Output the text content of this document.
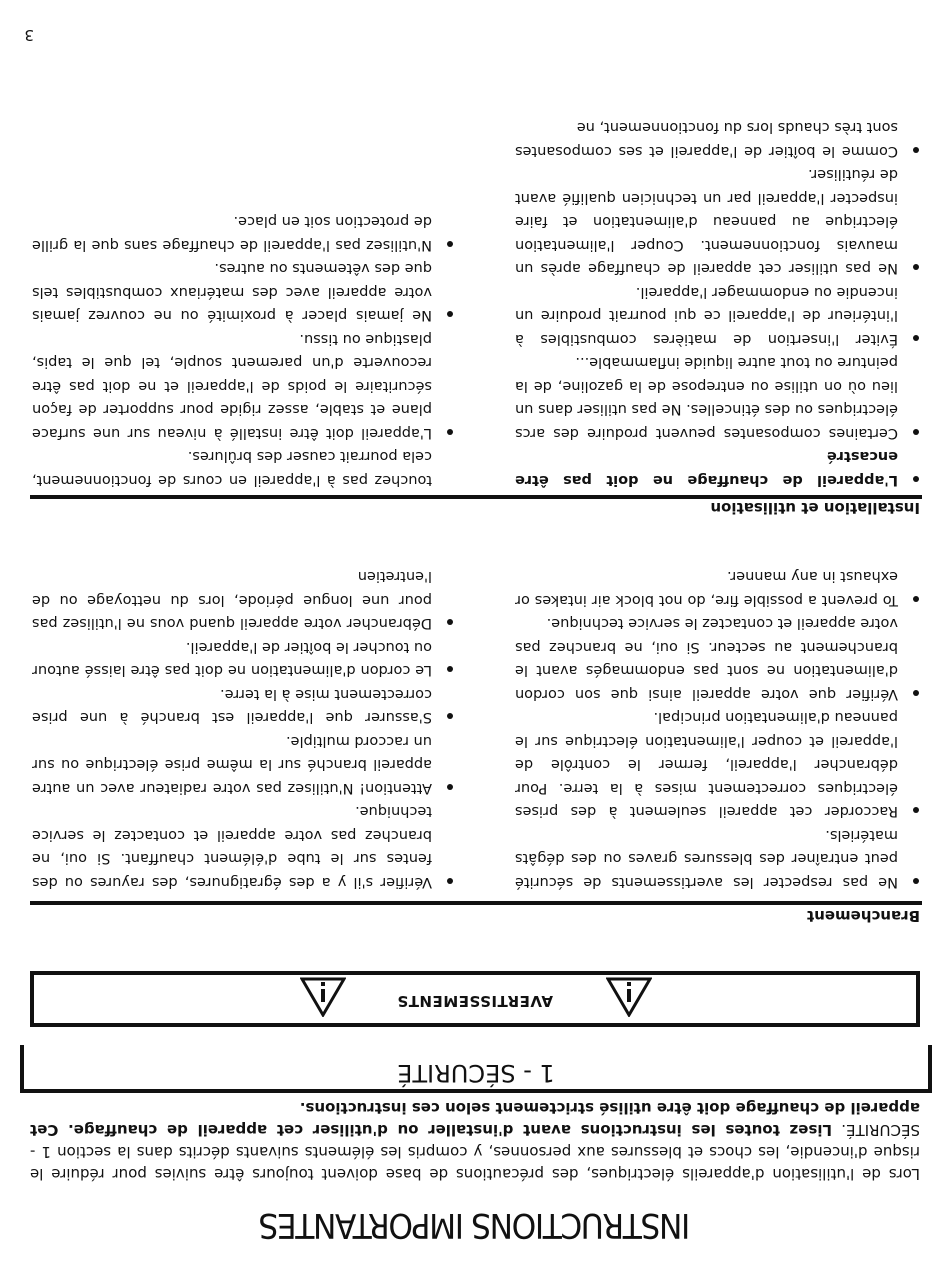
INSTRUCTIONS IMPORTANTES
Lors de l'utilisation d'appareils électriques, des précautions de base doivent toujours être suivies pour réduire le risque d'incendie, les chocs et blessures aux personnes, y compris les éléments suivants décrits dans la section 1 - SÉCURITÉ. Lisez toutes les instructions avant d'installer ou d'utiliser cet appareil de chauffage. Cet appareil de chauffage doit être utilisé strictement selon ces instructions.
1 - SÉCURITÉ
AVERTISSEMENTS
Branchement
Ne pas respecter les avertissements de sécurité peut entraîner des blessures graves ou des dégâts matériels.
Raccorder cet appareil seulement à des prises électriques correctement mises à la terre. Pour débrancher l'appareil, fermer le contrôle de l'appareil et couper l'alimentation électrique sur le panneau d'alimentation principal.
Vérifier que votre appareil ainsi que son cordon d'alimentation ne sont pas endommagés avant le branchement au secteur. Si oui, ne branchez pas votre appareil et contactez le service technique.
To prevent a possible fire, do not block air intakes or exhaust in any manner.
Vérifier s'il y a des égratignures, des rayures ou des fentes sur le tube d'élément chauffant. Si oui, ne branchez pas votre appareil et contactez le service technique.
Attention! N'utilisez pas votre radiateur avec un autre appareil branché sur la même prise électrique ou sur un raccord multiple.
S'assurer que l'appareil est branché à une prise correctement mise à la terre.
Le cordon d'alimentation ne doit pas être laissé autour ou toucher le boîtier de l'appareil.
Débrancher votre appareil quand vous ne l'utilisez pas pour une longue période, lors du nettoyage ou de l'entretien
Installation et utilisation
L'appareil de chauffage ne doit pas être encastré
Certaines composantes peuvent produire des arcs électriques ou des étincelles. Ne pas utiliser dans un lieu où on utilise ou entrepose de la gazoline, de la peinture ou tout autre liquide inflammable...
Éviter l'insertion de matières combustibles à l'intérieur de l'appareil ce qui pourrait produire un incendie ou endommager l'appareil.
Ne pas utiliser cet appareil de chauffage après un mauvais fonctionnement. Couper l'alimentation électrique au panneau d'alimentation et faire inspecter l'appareil par un technicien qualifié avant de réutiliser.
Comme le boîtier de l'appareil et ses composantes sont très chauds lors du fonctionnement, ne
touchez pas à l'appareil en cours de fonctionnement, cela pourrait causer des brûlures.
L'appareil doit être installé à niveau sur une surface plane et stable, assez rigide pour supporter de façon sécuritaire le poids de l'appareil et ne doit pas être recouverte d'un parement souple, tel que le tapis, plastique ou tissu.
Ne jamais placer à proximité ou ne couvrez jamais votre appareil avec des matériaux combustibles tels que des vêtements ou autres.
N'utilisez pas l'appareil de chauffage sans que la grille de protection soit en place.
3
